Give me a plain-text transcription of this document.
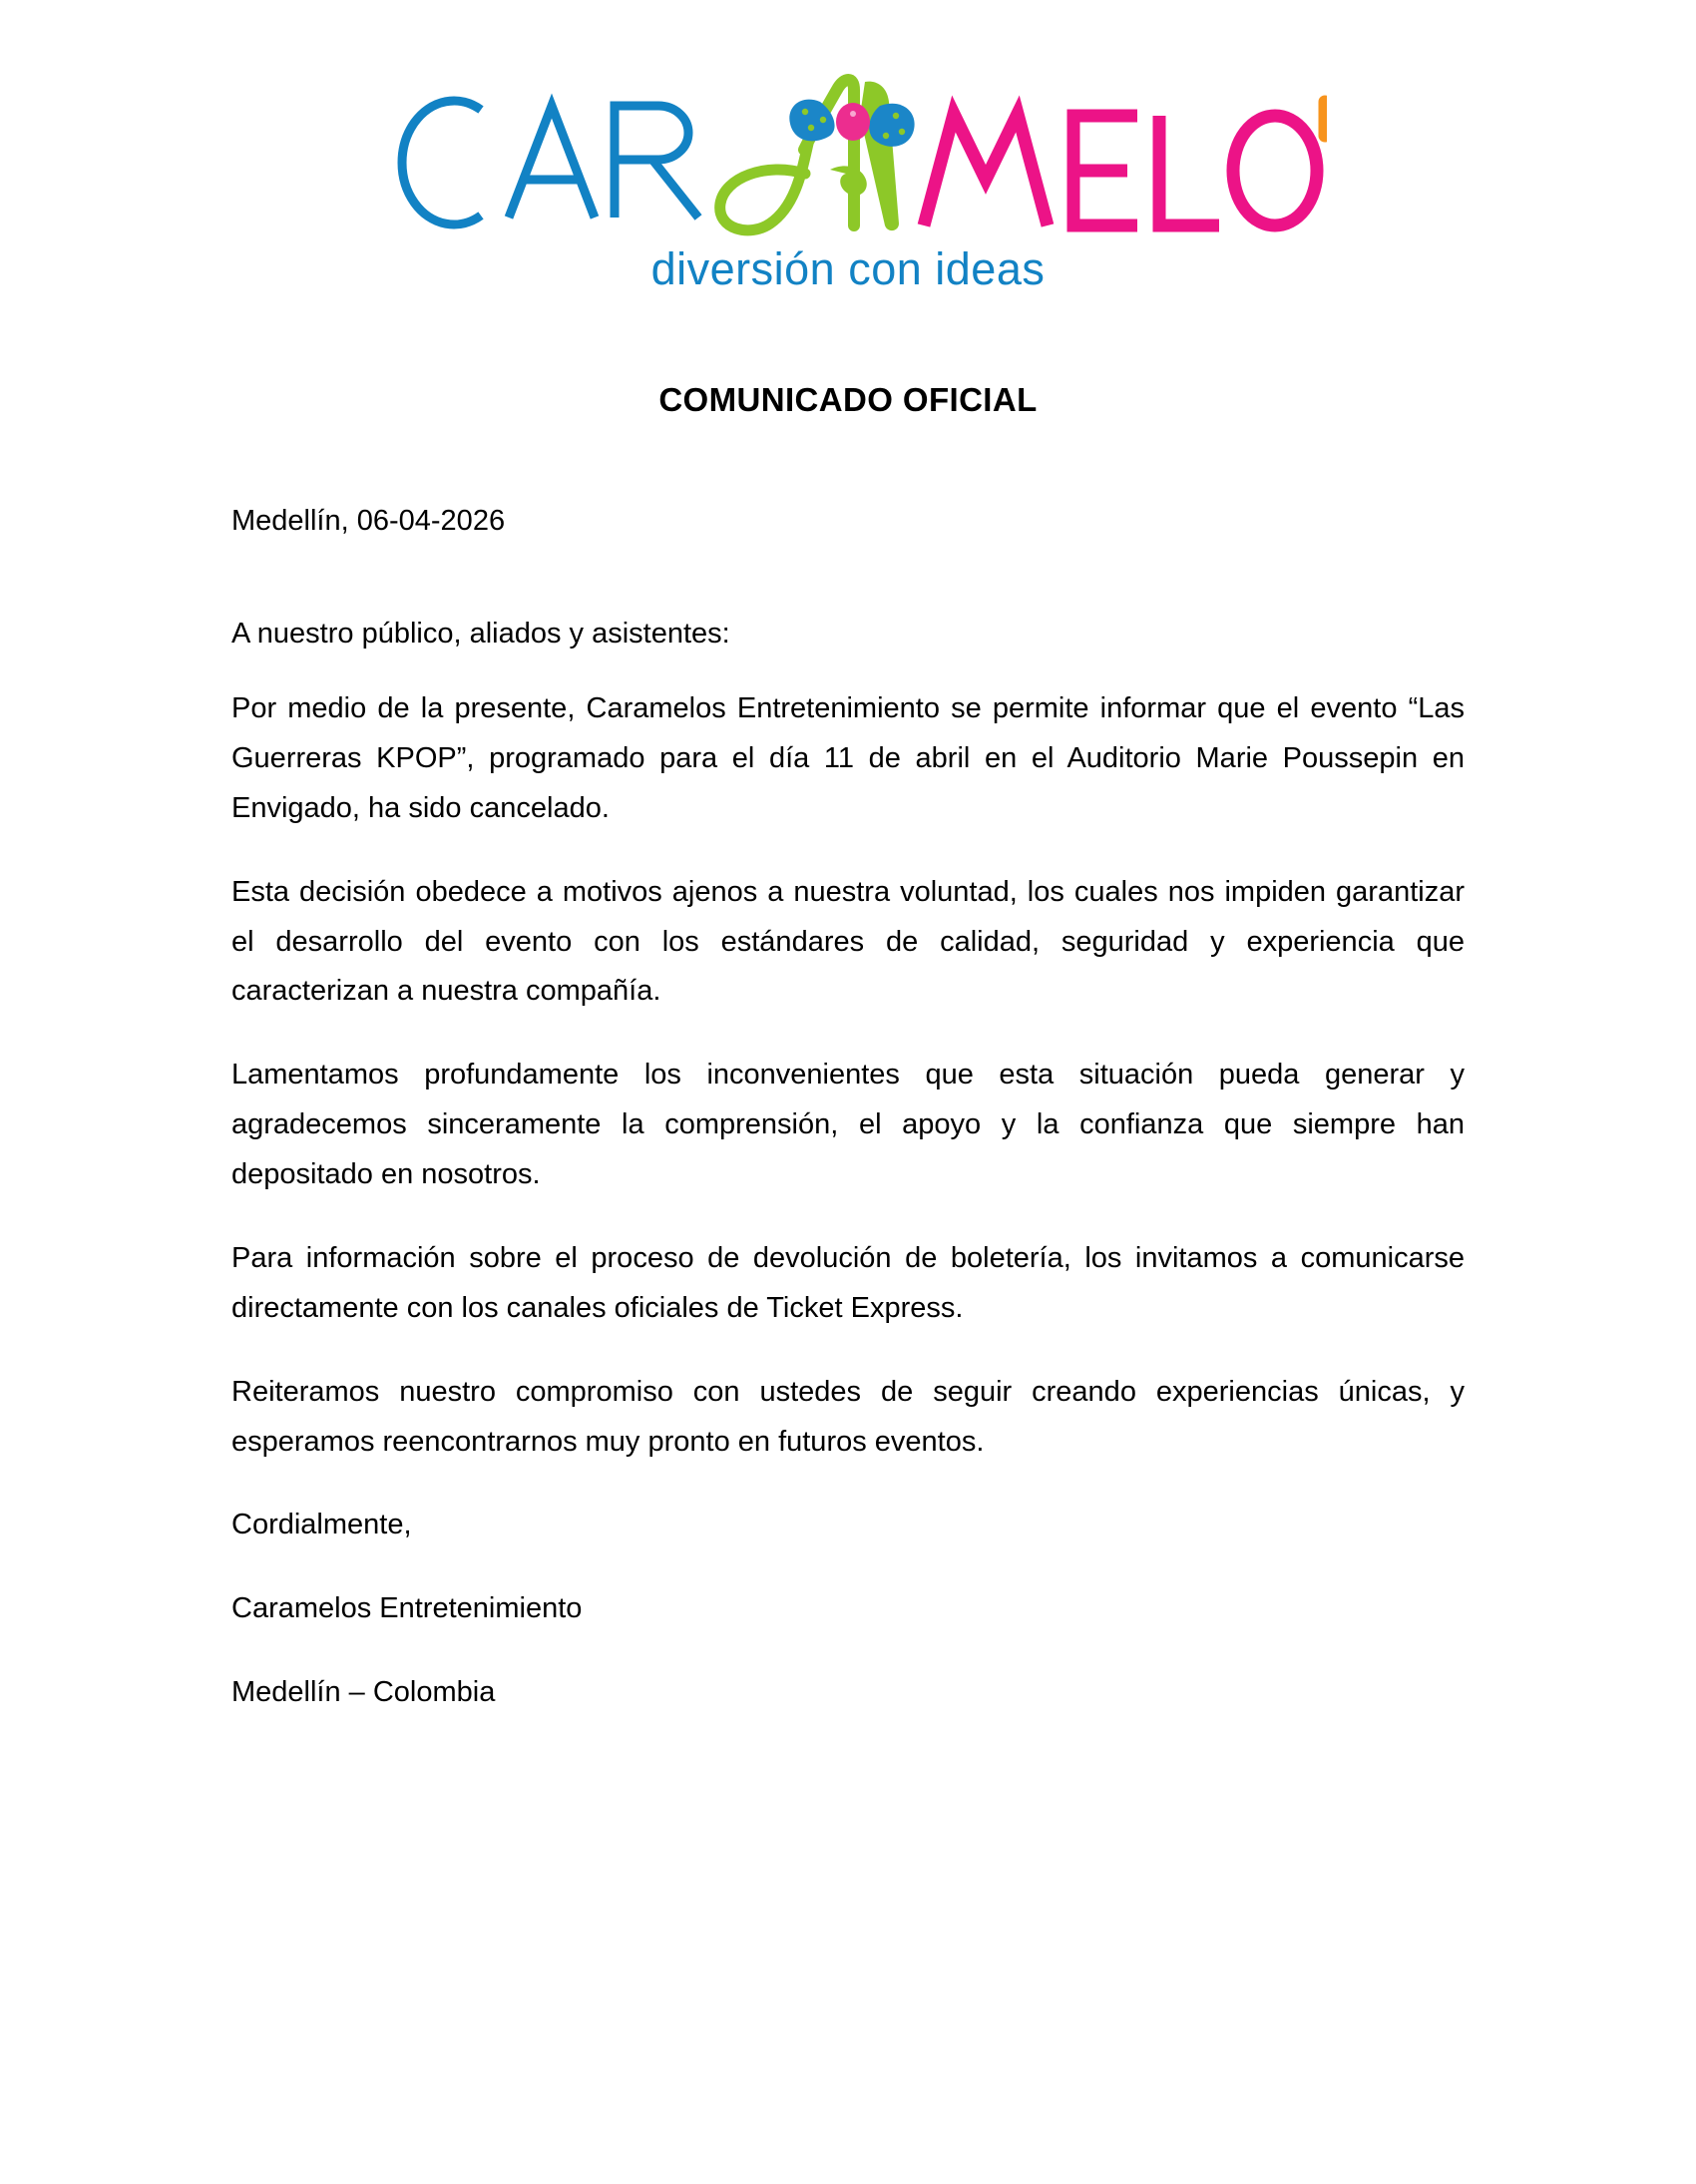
diversión con ideas
COMUNICADO OFICIAL
Medellín, 06-04-2026
A nuestro público, aliados y asistentes:

Por medio de la presente, Caramelos Entretenimiento se permite informar que el evento “Las Guerreras KPOP”, programado para el día 11 de abril en el Auditorio Marie Poussepin en Envigado, ha sido cancelado.

Esta decisión obedece a motivos ajenos a nuestra voluntad, los cuales nos impiden garantizar el desarrollo del evento con los estándares de calidad, seguridad y experiencia que caracterizan a nuestra compañía.

Lamentamos profundamente los inconvenientes que esta situación pueda generar y agradecemos sinceramente la comprensión, el apoyo y la confianza que siempre han depositado en nosotros.

Para información sobre el proceso de devolución de boletería, los invitamos a comunicarse directamente con los canales oficiales de Ticket Express.

Reiteramos nuestro compromiso con ustedes de seguir creando experiencias únicas, y esperamos reencontrarnos muy pronto en futuros eventos.

Cordialmente,
Caramelos Entretenimiento
Medellín – Colombia
